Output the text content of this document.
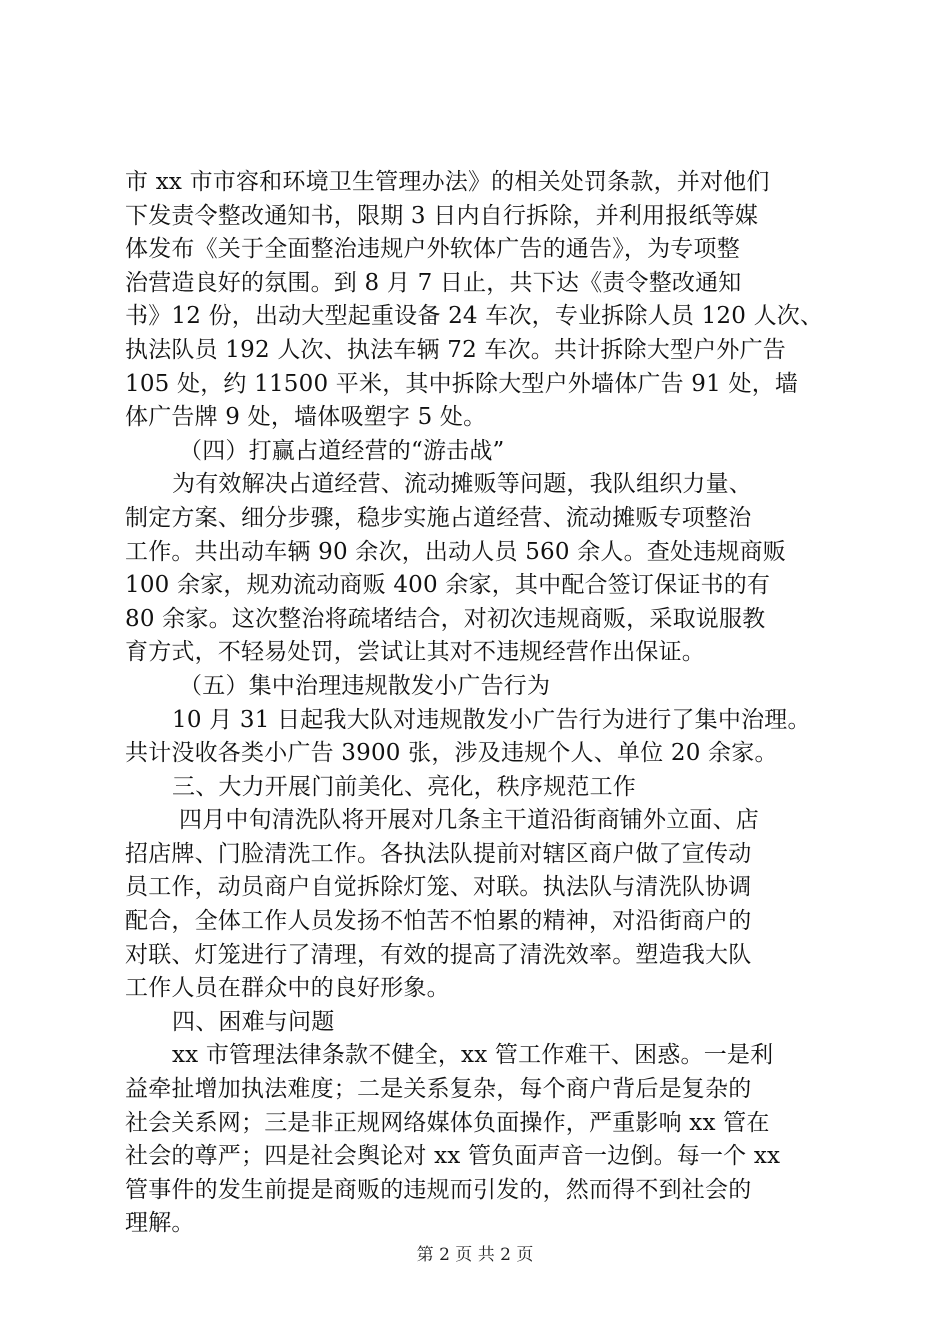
市 xx 市市容和环境卫生管理办法》的相关处罚条款，并对他们
下发责令整改通知书，限期 3 日内自行拆除，并利用报纸等媒
体发布《关于全面整治违规户外软体广告的通告》，为专项整
治营造良好的氛围。到 8 月 7 日止，共下达《责令整改通知
书》12 份，出动大型起重设备 24 车次，专业拆除人员 120 人次、
执法队员 192 人次、执法车辆 72 车次。共计拆除大型户外广告
105 处，约 11500 平米，其中拆除大型户外墙体广告 91 处，墙
体广告牌 9 处，墙体吸塑字 5 处。
（四）打赢占道经营的“游击战”
为有效解决占道经营、流动摊贩等问题，我队组织力量、
制定方案、细分步骤，稳步实施占道经营、流动摊贩专项整治
工作。共出动车辆 90 余次，出动人员 560 余人。查处违规商贩
100 余家，规劝流动商贩 400 余家，其中配合签订保证书的有
80 余家。这次整治将疏堵结合，对初次违规商贩，采取说服教
育方式，不轻易处罚，尝试让其对不违规经营作出保证。
（五）集中治理违规散发小广告行为
10 月 31 日起我大队对违规散发小广告行为进行了集中治理。
共计没收各类小广告 3900 张，涉及违规个人、单位 20 余家。
三、大力开展门前美化、亮化，秩序规范工作
四月中旬清洗队将开展对几条主干道沿街商铺外立面、店
招店牌、门脸清洗工作。各执法队提前对辖区商户做了宣传动
员工作，动员商户自觉拆除灯笼、对联。执法队与清洗队协调
配合，全体工作人员发扬不怕苦不怕累的精神，对沿街商户的
对联、灯笼进行了清理，有效的提高了清洗效率。塑造我大队
工作人员在群众中的良好形象。
四、困难与问题
xx 市管理法律条款不健全，xx 管工作难干、困惑。一是利
益牵扯增加执法难度；二是关系复杂，每个商户背后是复杂的
社会关系网；三是非正规网络媒体负面操作，严重影响 xx 管在
社会的尊严；四是社会舆论对 xx 管负面声音一边倒。每一个 xx
管事件的发生前提是商贩的违规而引发的，然而得不到社会的
理解。
第 2 页 共 2 页
